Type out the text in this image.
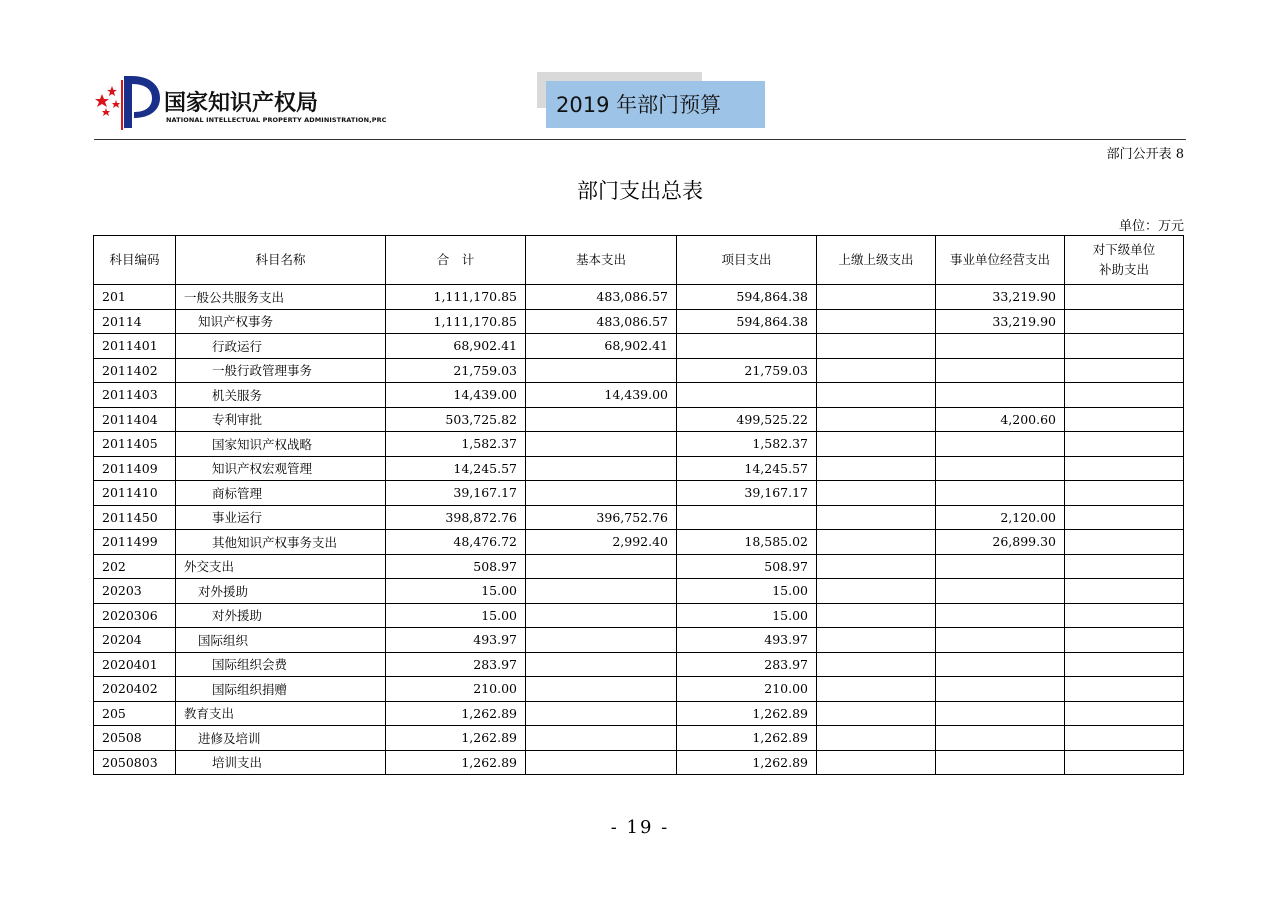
国家知识产权局
NATIONAL INTELLECTUAL PROPERTY ADMINISTRATION,PRC
2019 年部门预算
部门公开表 8
部门支出总表
单位：万元
科目编码	科目名称	合　计	基本支出	项目支出	上缴上级支出	事业单位经营支出	对下级单位
补助支出
201	一般公共服务支出	1,111,170.85	483,086.57	594,864.38		33,219.90	
20114	知识产权事务	1,111,170.85	483,086.57	594,864.38		33,219.90	
2011401	行政运行	68,902.41	68,902.41				
2011402	一般行政管理事务	21,759.03		21,759.03			
2011403	机关服务	14,439.00	14,439.00				
2011404	专利审批	503,725.82		499,525.22		4,200.60	
2011405	国家知识产权战略	1,582.37		1,582.37			
2011409	知识产权宏观管理	14,245.57		14,245.57			
2011410	商标管理	39,167.17		39,167.17			
2011450	事业运行	398,872.76	396,752.76			2,120.00	
2011499	其他知识产权事务支出	48,476.72	2,992.40	18,585.02		26,899.30	
202	外交支出	508.97		508.97			
20203	对外援助	15.00		15.00			
2020306	对外援助	15.00		15.00			
20204	国际组织	493.97		493.97			
2020401	国际组织会费	283.97		283.97			
2020402	国际组织捐赠	210.00		210.00			
205	教育支出	1,262.89		1,262.89			
20508	进修及培训	1,262.89		1,262.89			
2050803	培训支出	1,262.89		1,262.89			
- 19 -
